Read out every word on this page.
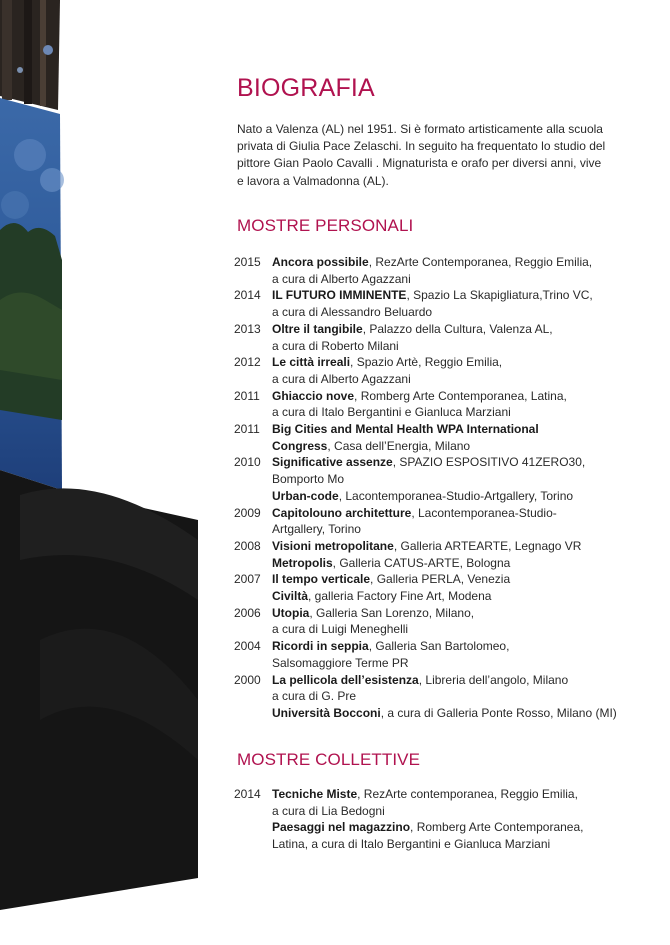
BIOGRAFIA
Nato a Valenza (AL) nel 1951. Si è formato artisticamente alla scuola privata di Giulia Pace Zelaschi. In seguito ha frequentato lo studio del pittore Gian Paolo Cavalli . Mignaturista e orafo per diversi anni, vive e lavora a Valmadonna (AL).
MOSTRE PERSONALI
2015 Ancora possibile, RezArte Contemporanea, Reggio Emilia,
a cura di Alberto Agazzani
2014 IL FUTURO IMMINENTE, Spazio La Skapigliatura,Trino VC,
a cura di Alessandro Beluardo
2013 Oltre il tangibile, Palazzo della Cultura, Valenza AL,
a cura di Roberto Milani
2012 Le città irreali, Spazio Artè, Reggio Emilia,
a cura di Alberto Agazzani
2011	Ghiaccio nove, Romberg Arte Contemporanea, Latina,
a cura di Italo Bergantini e Gianluca Marziani
2011	Big Cities and Mental Health WPA International
Congress, Casa dell’Energia, Milano
2010 Significative assenze, SPAZIO ESPOSITIVO 41ZERO30,
Bomporto Mo
Urban-code, Lacontemporanea-Studio-Artgallery, Torino
2009 Capitolouno architetture, Lacontemporanea-Studio-
Artgallery, Torino
2008 Visioni metropolitane, Galleria ARTEARTE, Legnago VR
Metropolis, Galleria CATUS-ARTE, Bologna
2007 Il tempo verticale, Galleria PERLA, Venezia
Civiltà, galleria Factory Fine Art, Modena
2006 Utopia, Galleria San Lorenzo, Milano,
a cura di Luigi Meneghelli
2004 Ricordi in seppia, Galleria San Bartolomeo,
Salsomaggiore Terme PR
2000 La pellicola dell’esistenza, Libreria dell’angolo, Milano
a cura di G. Pre
Università Bocconi, a cura di Galleria Ponte Rosso, Milano (MI)
MOSTRE COLLETTIVE
2014 Tecniche Miste, RezArte contemporanea, Reggio Emilia,
a cura di Lia Bedogni
Paesaggi nel magazzino, Romberg Arte Contemporanea,
Latina, a cura di Italo Bergantini e Gianluca Marziani
